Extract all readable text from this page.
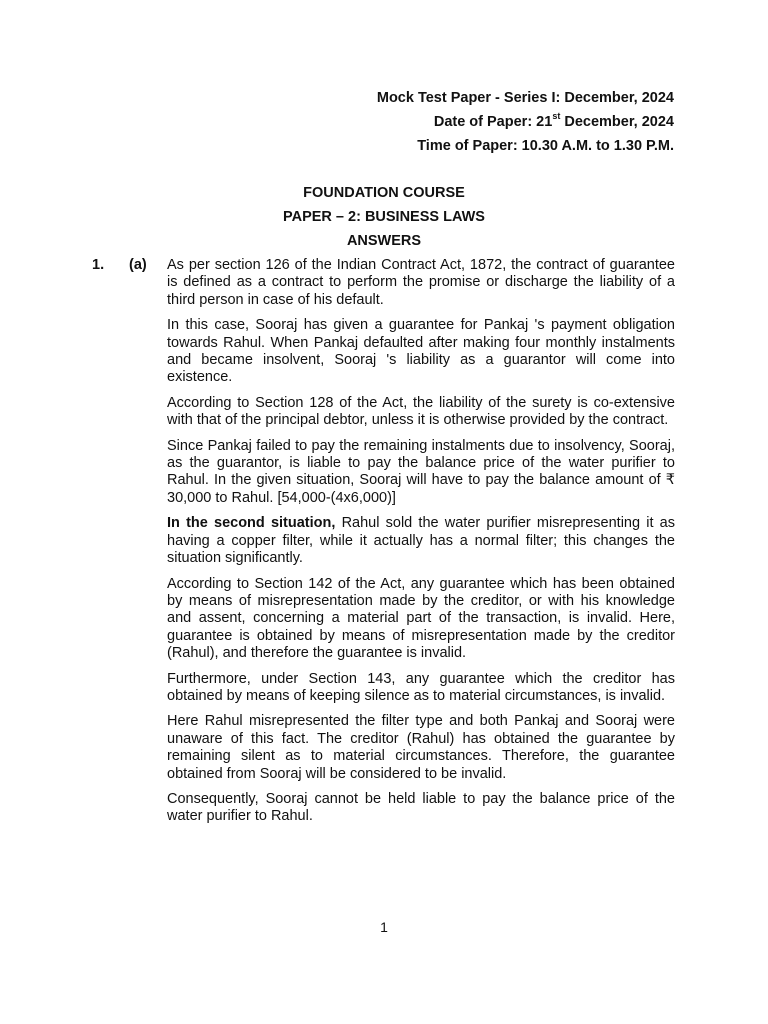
Mock Test Paper - Series I: December, 2024
Date of Paper: 21st December, 2024
Time of Paper: 10.30 A.M. to 1.30 P.M.
FOUNDATION COURSE
PAPER – 2: BUSINESS LAWS
ANSWERS
1. (a) As per section 126 of the Indian Contract Act, 1872, the contract of guarantee is defined as a contract to perform the promise or discharge the liability of a third person in case of his default.

In this case, Sooraj has given a guarantee for Pankaj 's payment obligation towards Rahul. When Pankaj defaulted after making four monthly instalments and became insolvent, Sooraj 's liability as a guarantor will come into existence.

According to Section 128 of the Act, the liability of the surety is co-extensive with that of the principal debtor, unless it is otherwise provided by the contract.

Since Pankaj failed to pay the remaining instalments due to insolvency, Sooraj, as the guarantor, is liable to pay the balance price of the water purifier to Rahul. In the given situation, Sooraj will have to pay the balance amount of ₹ 30,000 to Rahul. [54,000-(4x6,000)]

In the second situation, Rahul sold the water purifier misrepresenting it as having a copper filter, while it actually has a normal filter; this changes the situation significantly.

According to Section 142 of the Act, any guarantee which has been obtained by means of misrepresentation made by the creditor, or with his knowledge and assent, concerning a material part of the transaction, is invalid. Here, guarantee is obtained by means of misrepresentation made by the creditor (Rahul), and therefore the guarantee is invalid.

Furthermore, under Section 143, any guarantee which the creditor has obtained by means of keeping silence as to material circumstances, is invalid.

Here Rahul misrepresented the filter type and both Pankaj and Sooraj were unaware of this fact. The creditor (Rahul) has obtained the guarantee by remaining silent as to material circumstances. Therefore, the guarantee obtained from Sooraj will be considered to be invalid.

Consequently, Sooraj cannot be held liable to pay the balance price of the water purifier to Rahul.

1
